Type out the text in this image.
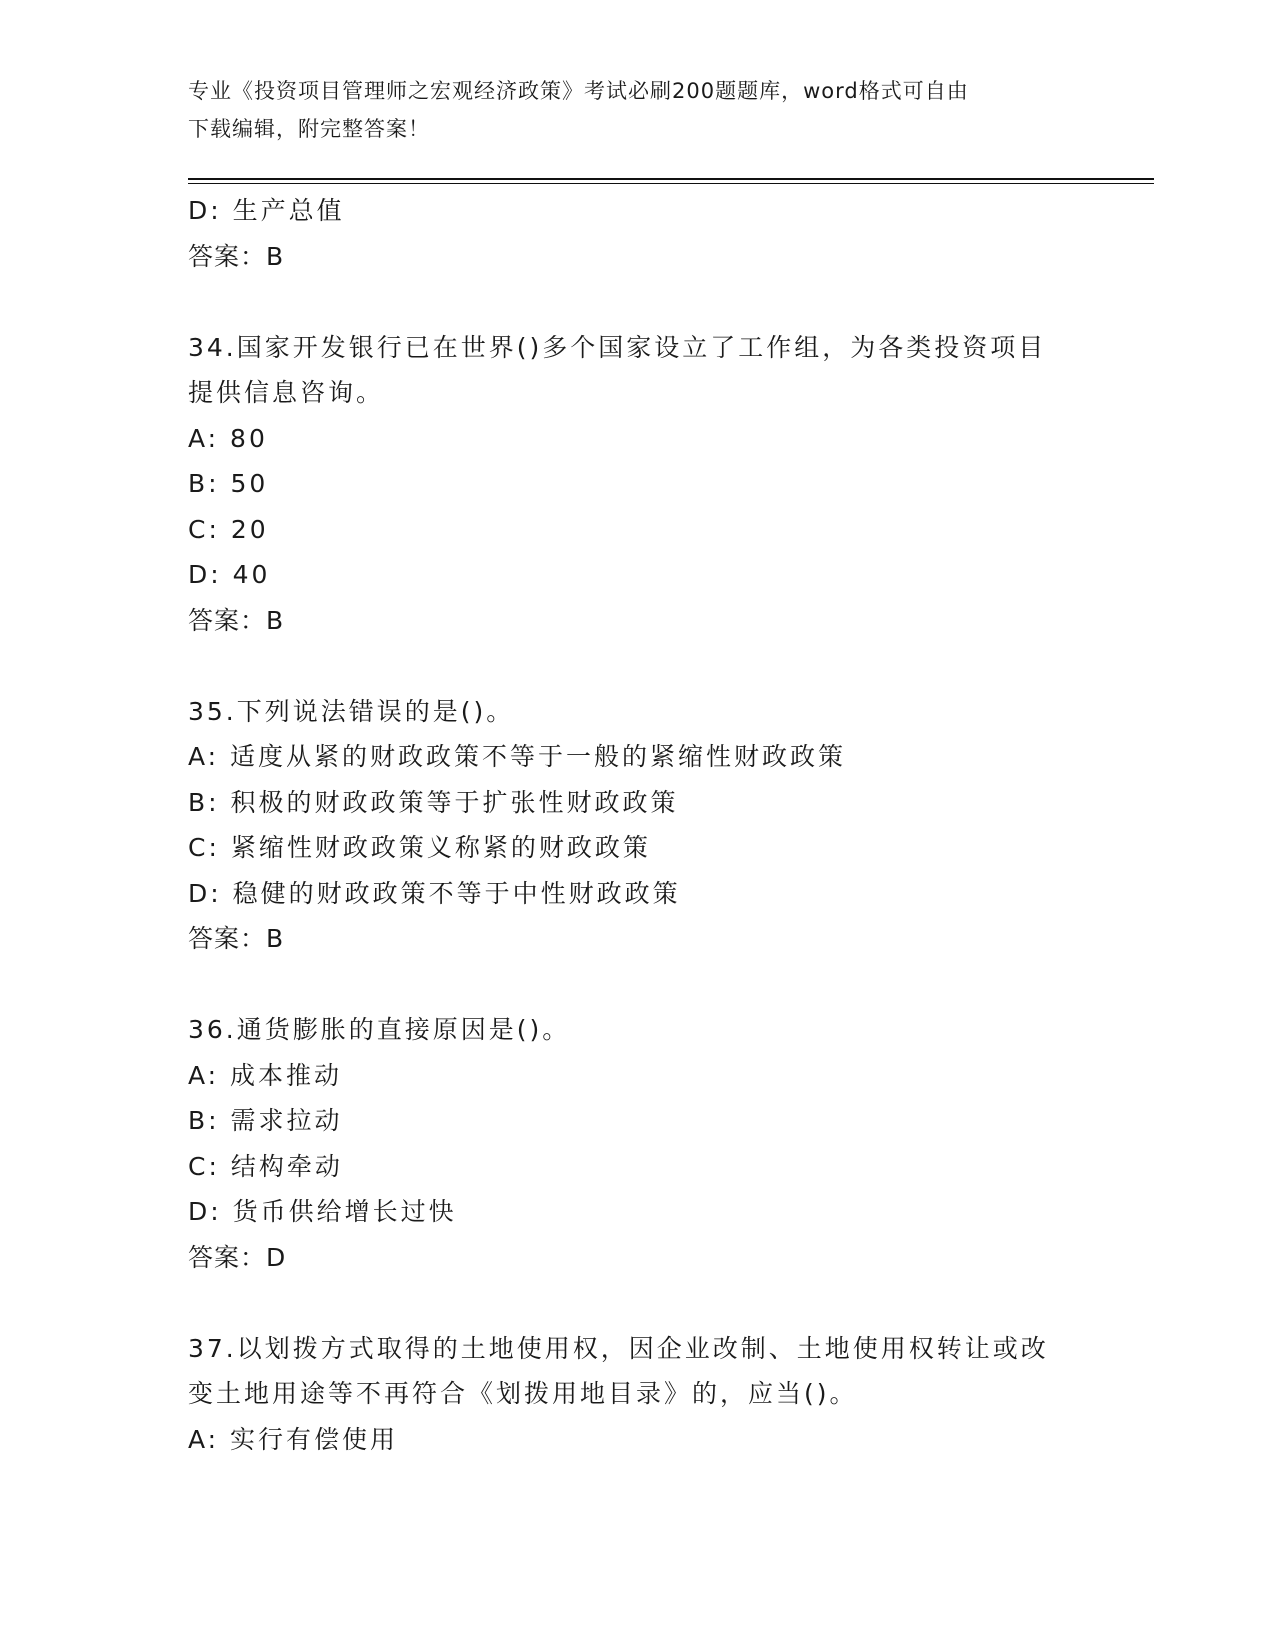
专业《投资项目管理师之宏观经济政策》考试必刷200题题库，word格式可自由
下载编辑，附完整答案！
D: 生产总值
答案：B
34.国家开发银行已在世界()多个国家设立了工作组，为各类投资项目
提供信息咨询。
A: 80
B: 50
C: 20
D: 40
答案：B
35.下列说法错误的是()。
A: 适度从紧的财政政策不等于一般的紧缩性财政政策
B: 积极的财政政策等于扩张性财政政策
C: 紧缩性财政政策义称紧的财政政策
D: 稳健的财政政策不等于中性财政政策
答案：B
36.通货膨胀的直接原因是()。
A: 成本推动
B: 需求拉动
C: 结构牵动
D: 货币供给增长过快
答案：D
37.以划拨方式取得的土地使用权，因企业改制、土地使用权转让或改
变土地用途等不再符合《划拨用地目录》的，应当()。
A: 实行有偿使用
